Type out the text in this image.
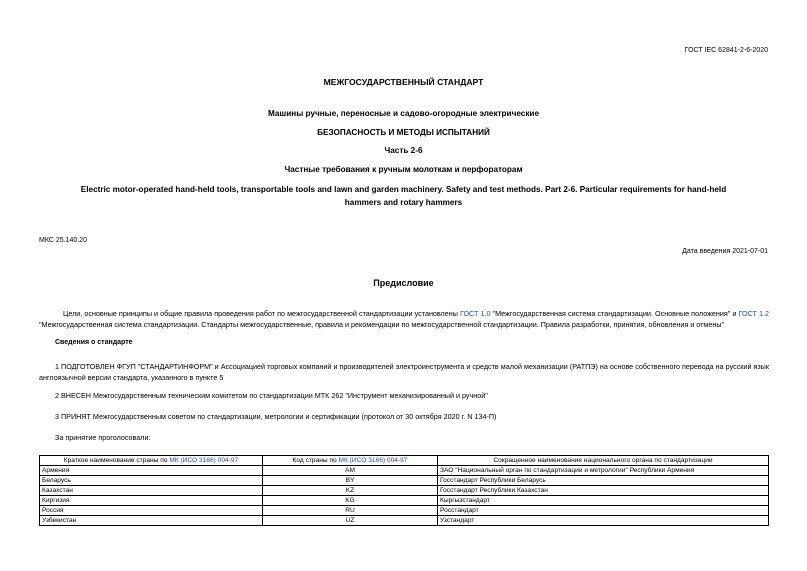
ГОСТ IEC 62841-2-6-2020
МЕЖГОСУДАРСТВЕННЫЙ СТАНДАРТ
Машины ручные, переносные и садово-огородные электрические
БЕЗОПАСНОСТЬ И МЕТОДЫ ИСПЫТАНИЙ
Часть 2-6
Частные требования к ручным молоткам и перфораторам
Electric motor-operated hand-held tools, transportable tools and lawn and garden machinery. Safety and test methods. Part 2-6. Particular requirements for hand-held hammers and rotary hammers
МКС 25.140.20
Дата введения 2021-07-01
Предисловие
Цели, основные принципы и общие правила проведения работ по межгосударственной стандартизации установлены ГОСТ 1.0 "Межгосударственная система стандартизации. Основные положения" и ГОСТ 1.2 "Межгосударственная система стандартизации. Стандарты межгосударственные, правила и рекомендации по межгосударственной стандартизации. Правила разработки, принятия, обновления и отмены"
Сведения о стандарте
1 ПОДГОТОВЛЕН ФГУП "СТАНДАРТИНФОРМ" и Ассоциацией торговых компаний и производителей электроинструмента и средств малой механизации (РАТПЭ) на основе собственного перевода на русский язык англоязычной версии стандарта, указанного в пункте 5
2 ВНЕСЕН Межгосударственным техническим комитетом по стандартизации МТК 262 "Инструмент механизированный и ручной"
3 ПРИНЯТ Межгосударственным советом по стандартизации, метрологии и сертификации (протокол от 30 октября 2020 г. N 134-П)
За принятие проголосовали:
Краткое наименование страны по МК (ИСО 3166) 004-97	Код страны по МК (ИСО 3166) 004-97	Сокращенное наименование национального органа по стандартизации
Армения	AM	ЗАО "Национальный орган по стандартизации и метрологии" Республики Армения
Беларусь	BY	Госстандарт Республики Беларусь
Казахстан	KZ	Госстандарт Республики Казахстан
Киргизия	KG	Кыргызстандарт
Россия	RU	Росстандарт
Узбекистан	UZ	Узстандарт
